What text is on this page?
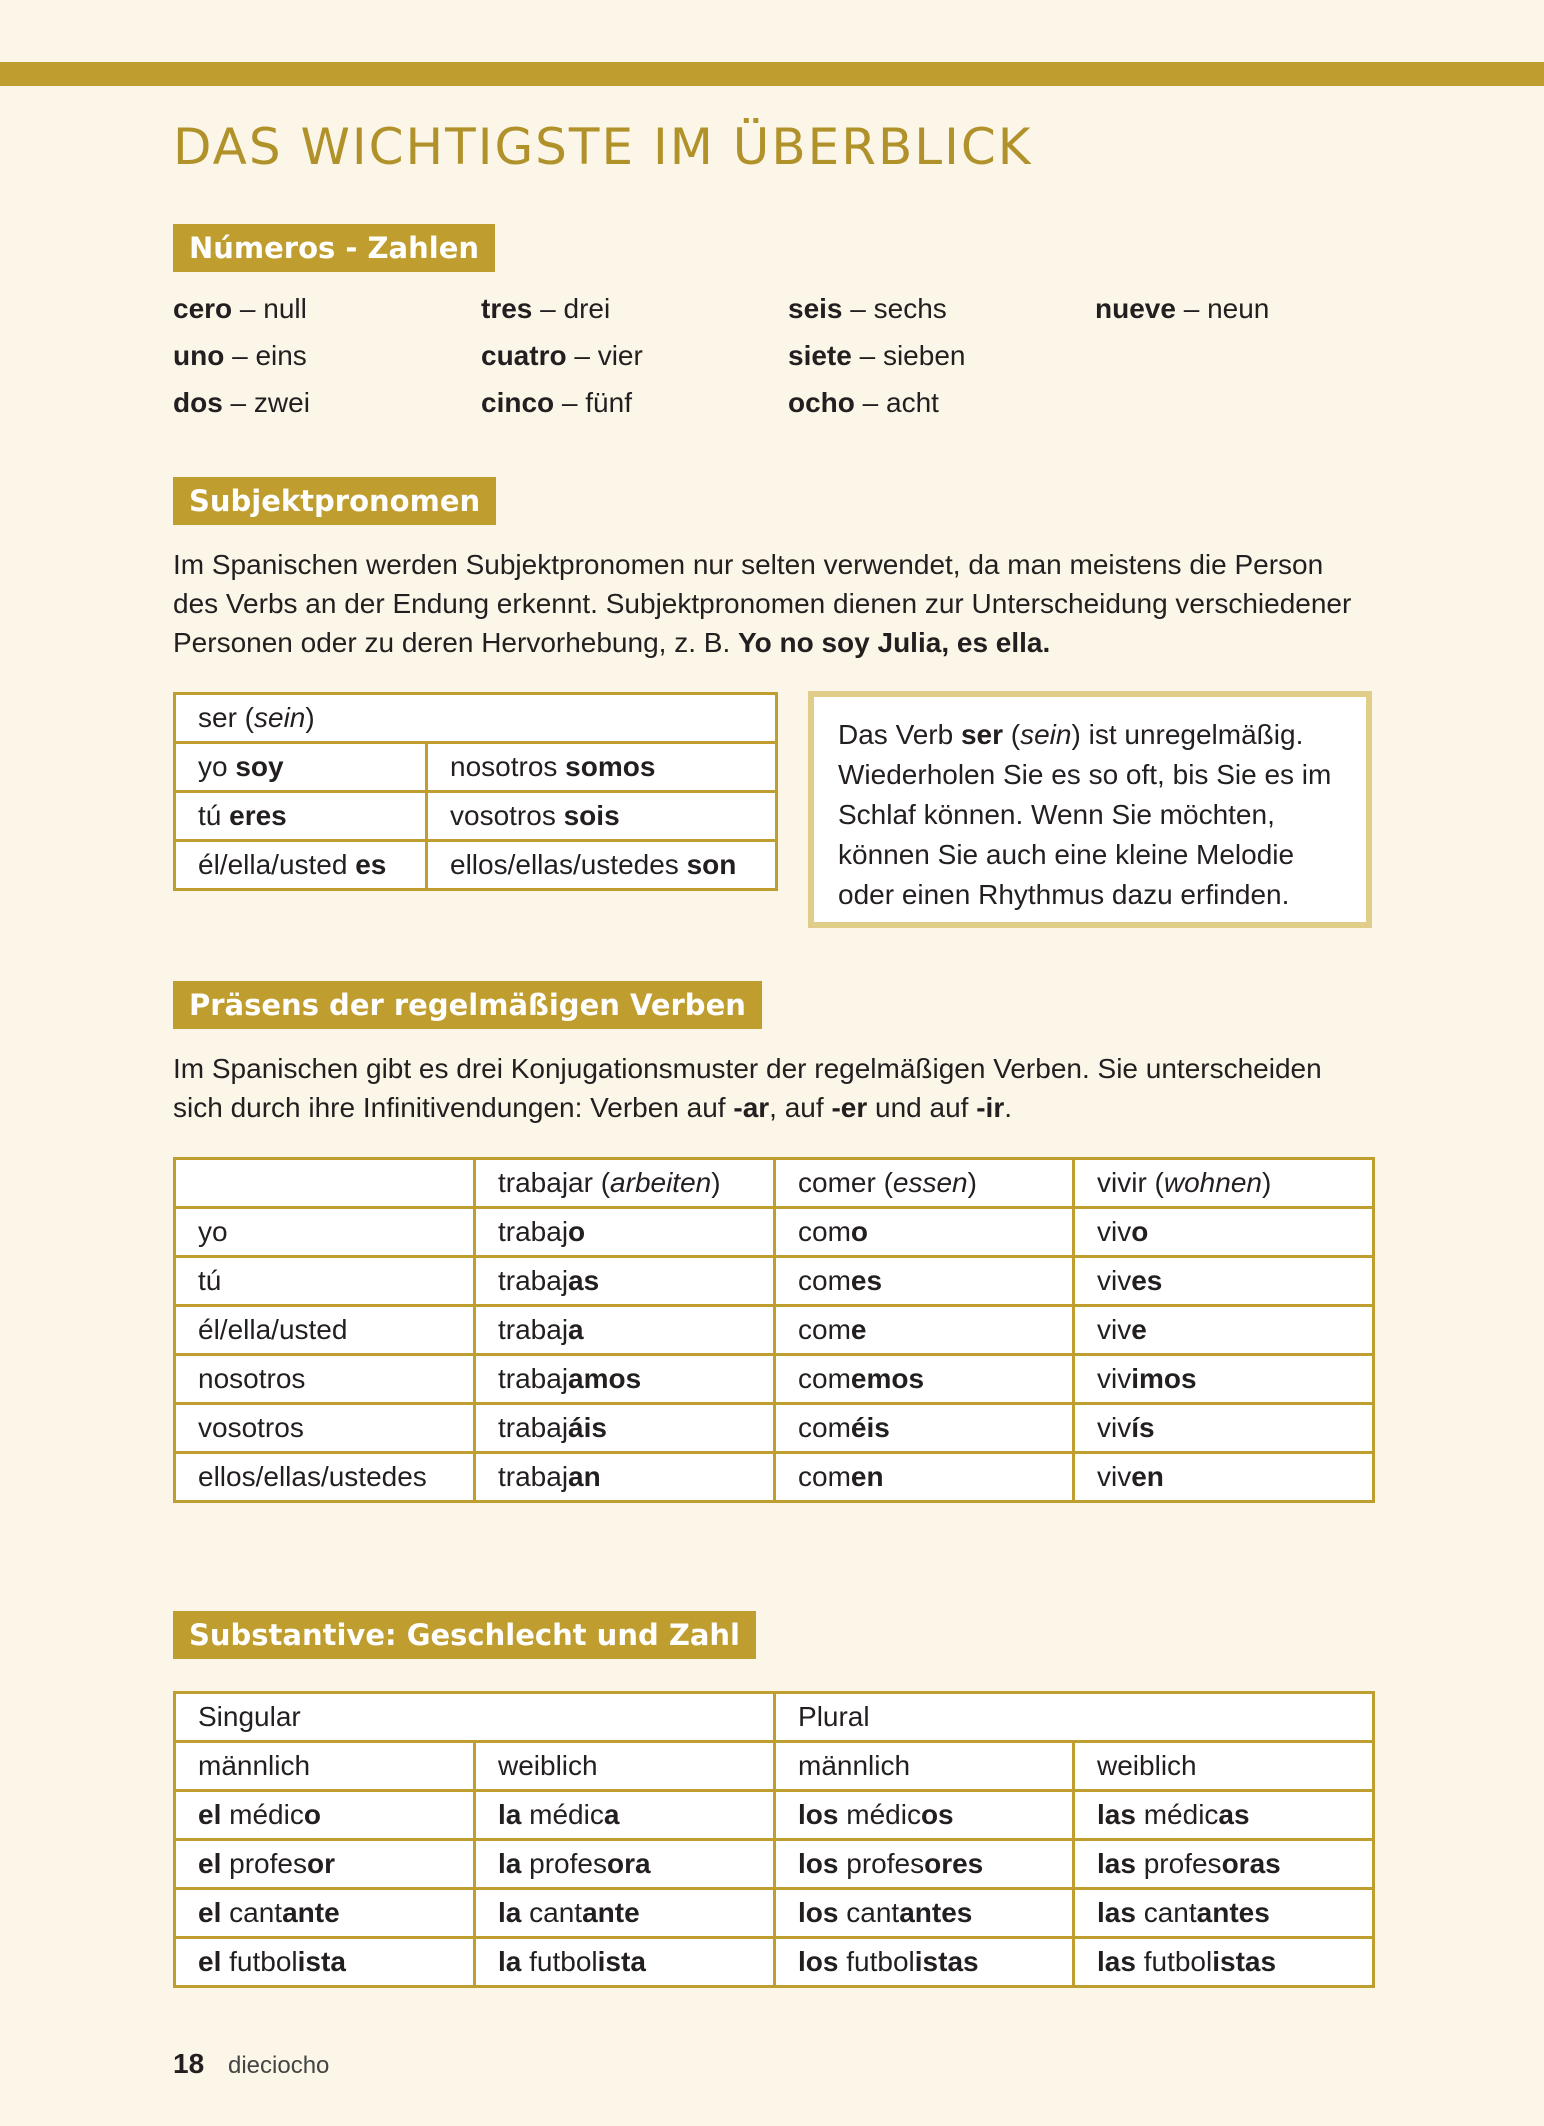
DAS WICHTIGSTE IM ÜBERBLICK
Números - Zahlen
cero – null
uno – eins
dos – zwei
tres – drei
cuatro – vier
cinco – fünf
seis – sechs
siete – sieben
ocho – acht
nueve – neun
Subjektpronomen

Im Spanischen werden Subjektpronomen nur selten verwendet, da man meistens die Person des Verbs an der Endung erkennt. Subjektpronomen dienen zur Unterscheidung verschiedener Personen oder zu deren Hervorhebung, z. B. Yo no soy Julia, es ella.

ser (sein)	
yo soy	nosotros somos
tú eres	vosotros sois
él/ella/usted es	ellos/ellas/ustedes son
Das Verb ser (sein) ist unregelmäßig. Wiederholen Sie es so oft, bis Sie es im Schlaf können. Wenn Sie möchten, können Sie auch eine kleine Melodie oder einen Rhythmus dazu erfinden.
Präsens der regelmäßigen Verben

Im Spanischen gibt es drei Konjugationsmuster der regelmäßigen Verben. Sie unterscheiden sich durch ihre Infinitivendungen: Verben auf -ar, auf -er und auf -ir.

	trabajar (arbeiten)	comer (essen)	vivir (wohnen)
yo	trabajo	como	vivo
tú	trabajas	comes	vives
él/ella/usted	trabaja	come	vive
nosotros	trabajamos	comemos	vivimos
vosotros	trabajáis	coméis	vivís
ellos/ellas/ustedes	trabajan	comen	viven
Substantive: Geschlecht und Zahl
Singular		Plural	
männlich	weiblich	männlich	weiblich
el médico	la médica	los médicos	las médicas
el profesor	la profesora	los profesores	las profesoras
el cantante	la cantante	los cantantes	las cantantes
el futbolista	la futbolista	los futbolistas	las futbolistas
18 dieciocho
